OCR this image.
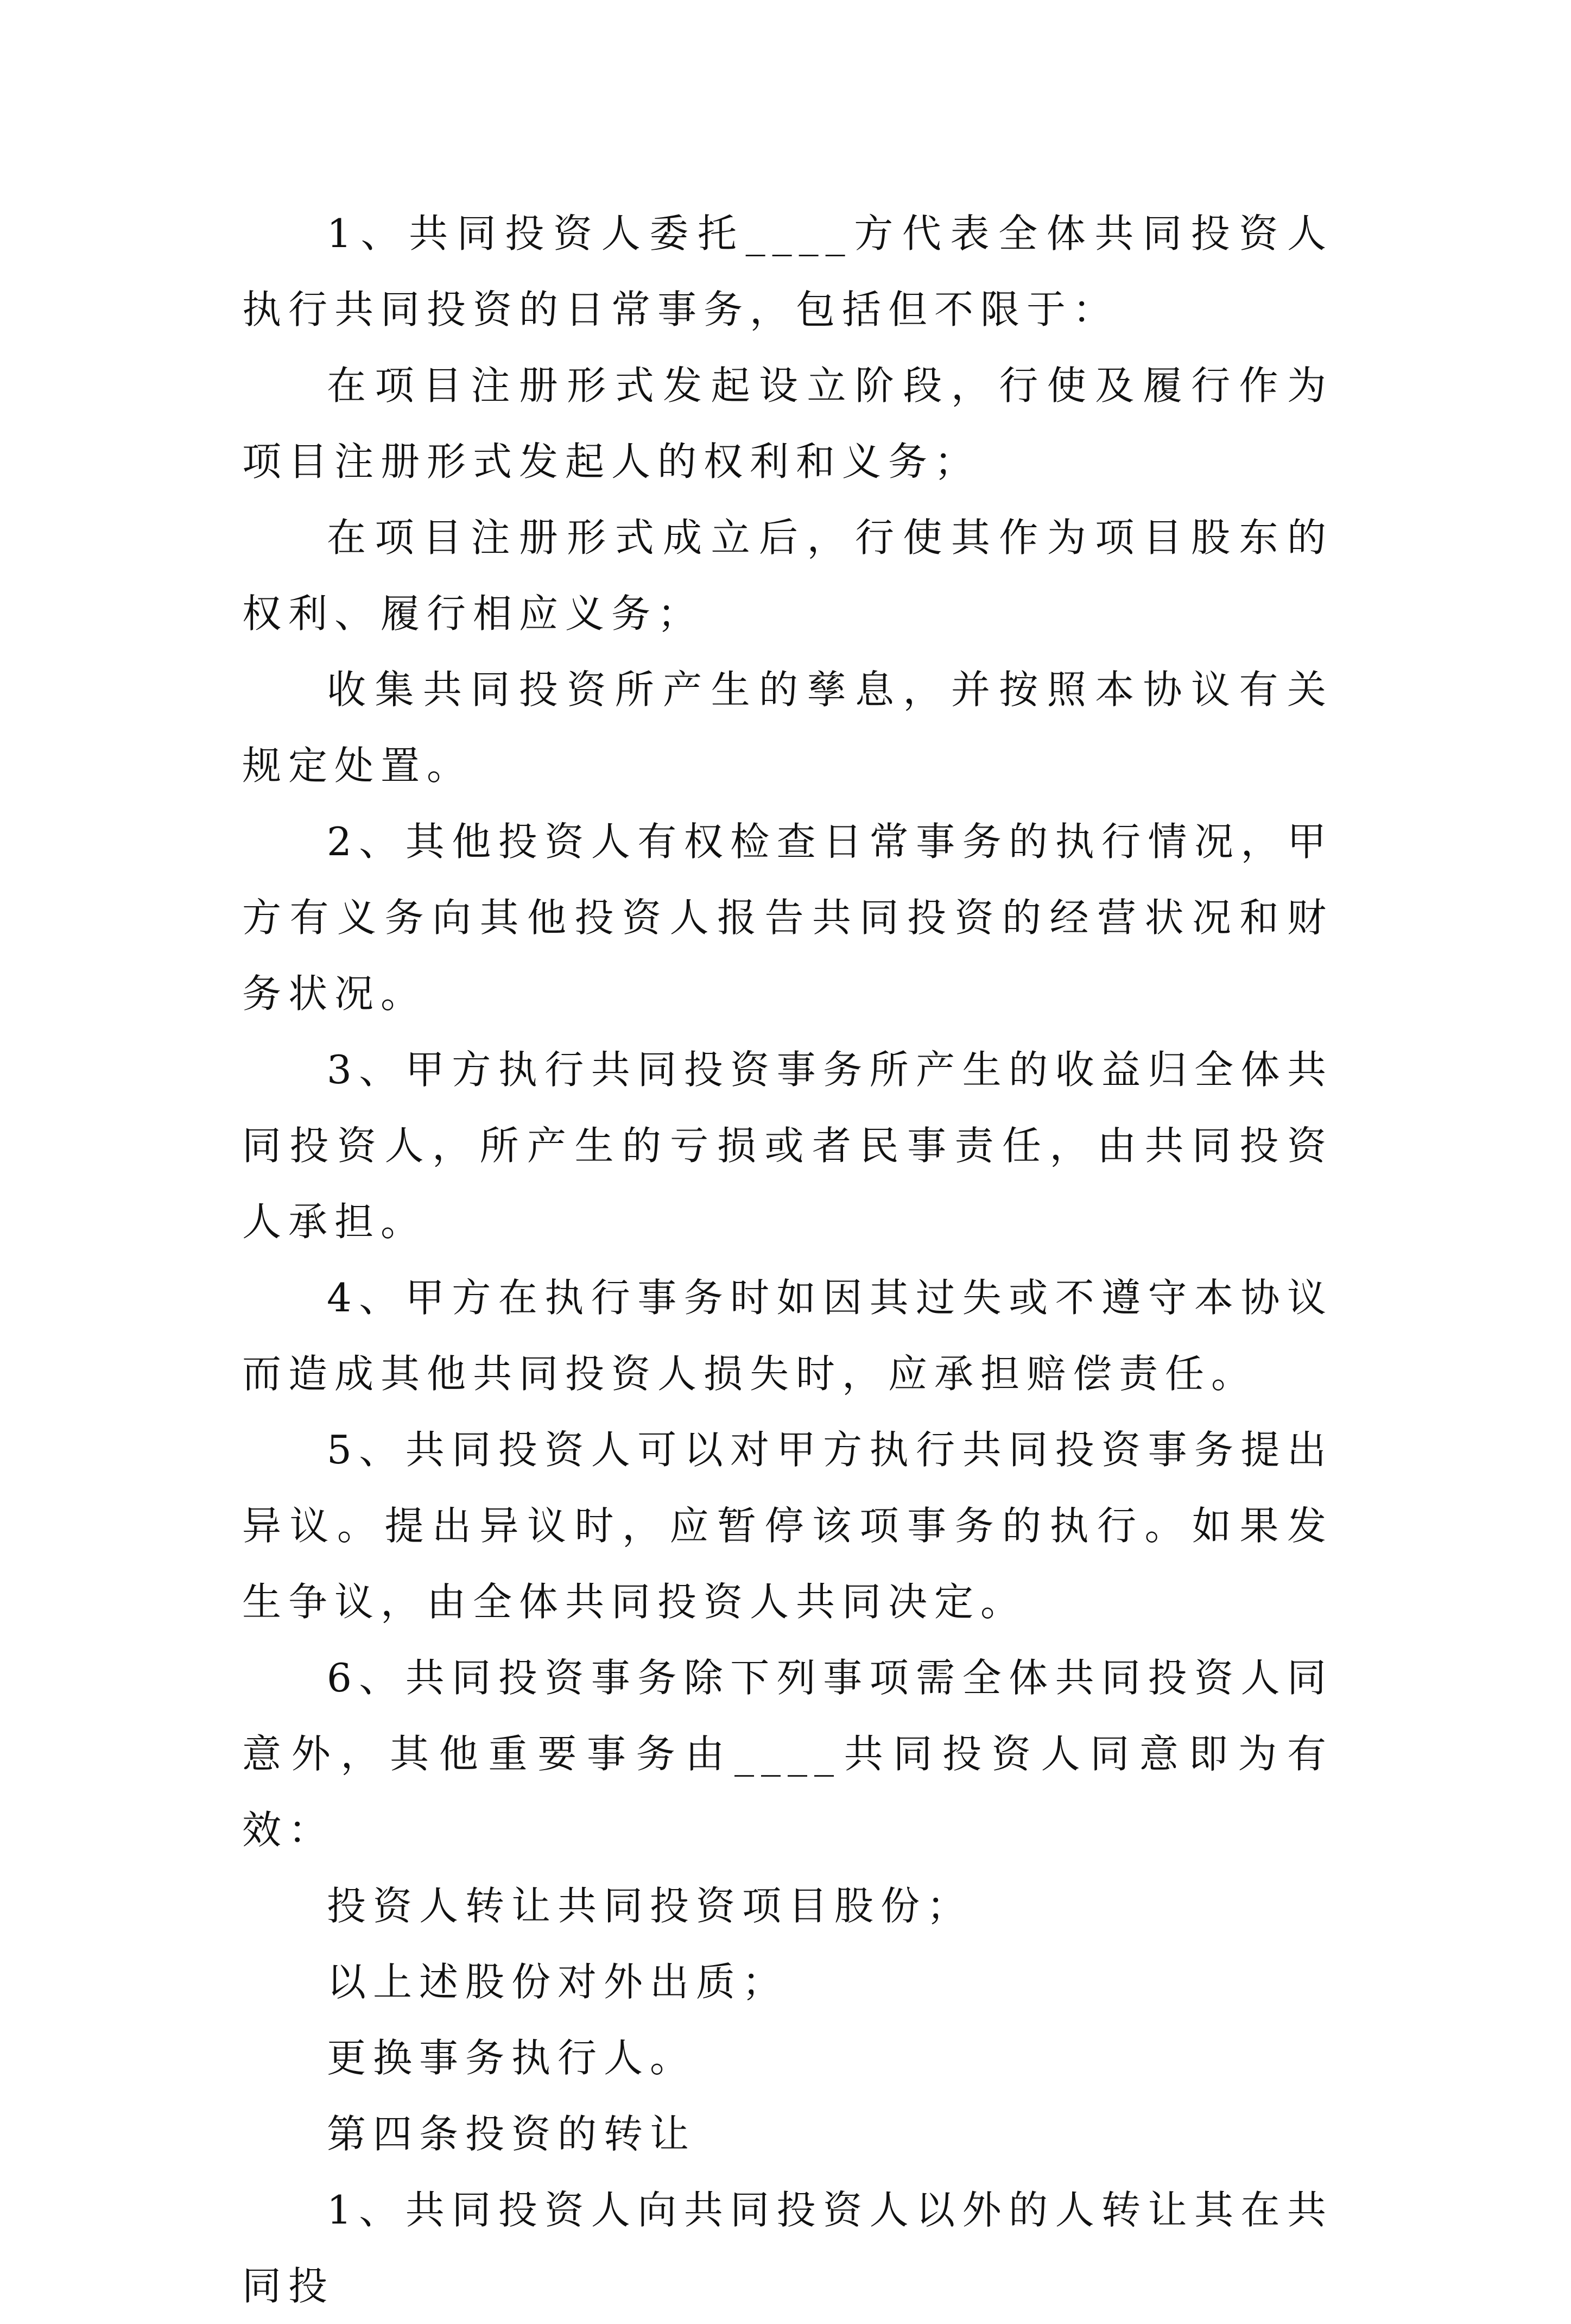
1、共同投资人委托____方代表全体共同投资人执行共同投资的日常事务，包括但不限于：

在项目注册形式发起设立阶段，行使及履行作为项目注册形式发起人的权利和义务；

在项目注册形式成立后，行使其作为项目股东的权利、履行相应义务；

收集共同投资所产生的孳息，并按照本协议有关规定处置。

2、其他投资人有权检查日常事务的执行情况，甲方有义务向其他投资人报告共同投资的经营状况和财务状况。

3、甲方执行共同投资事务所产生的收益归全体共同投资人，所产生的亏损或者民事责任，由共同投资人承担。

4、甲方在执行事务时如因其过失或不遵守本协议而造成其他共同投资人损失时，应承担赔偿责任。

5、共同投资人可以对甲方执行共同投资事务提出异议。提出异议时，应暂停该项事务的执行。如果发生争议，由全体共同投资人共同决定。

6、共同投资事务除下列事项需全体共同投资人同意外，其他重要事务由____共同投资人同意即为有效：

投资人转让共同投资项目股份；

以上述股份对外出质；

更换事务执行人。

第四条投资的转让

1、共同投资人向共同投资人以外的人转让其在共同投
